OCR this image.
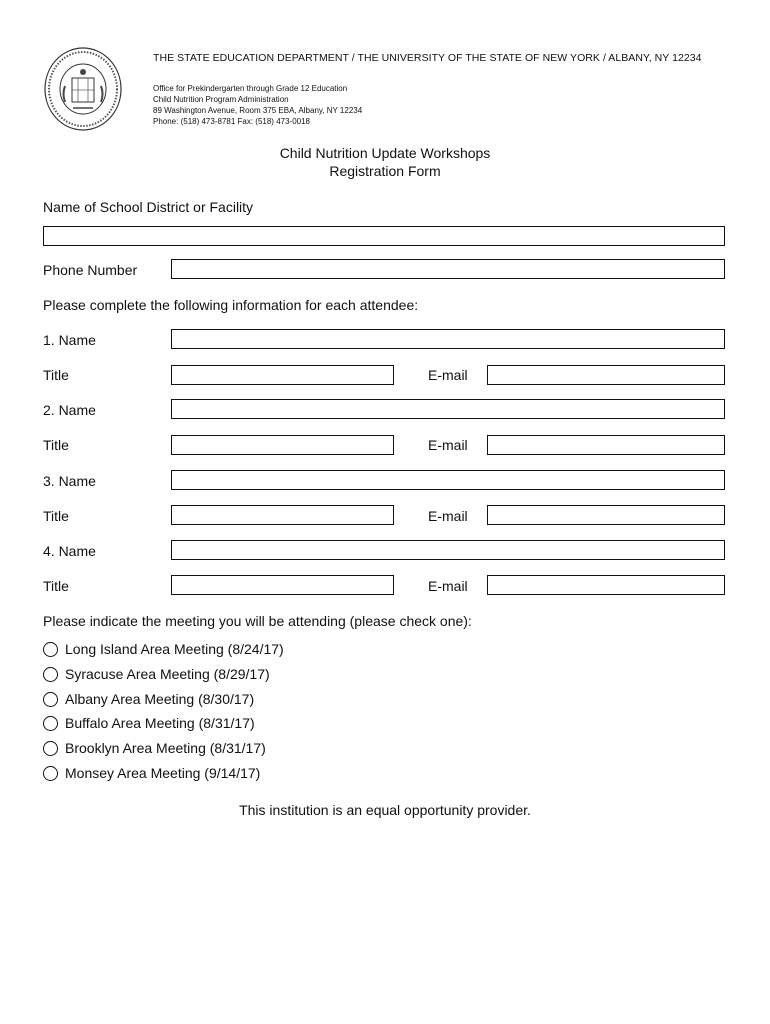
THE STATE EDUCATION DEPARTMENT / THE UNIVERSITY OF THE STATE OF NEW YORK / ALBANY, NY 12234
Office for Prekindergarten through Grade 12 Education
Child Nutrition Program Administration
89 Washington Avenue, Room 375 EBA, Albany, NY 12234
Phone: (518) 473-8781 Fax: (518) 473-0018
Child Nutrition Update Workshops
Registration Form
Name of School District or Facility
Phone Number
Please complete the following information for each attendee:
1. Name
Title	E-mail
2. Name
Title	E-mail
3. Name
Title	E-mail
4. Name
Title	E-mail
Please indicate the meeting you will be attending (please check one):
Long Island Area Meeting (8/24/17)
Syracuse Area Meeting (8/29/17)
Albany Area Meeting (8/30/17)
Buffalo Area Meeting (8/31/17)
Brooklyn Area Meeting (8/31/17)
Monsey Area Meeting (9/14/17)
This institution is an equal opportunity provider.
